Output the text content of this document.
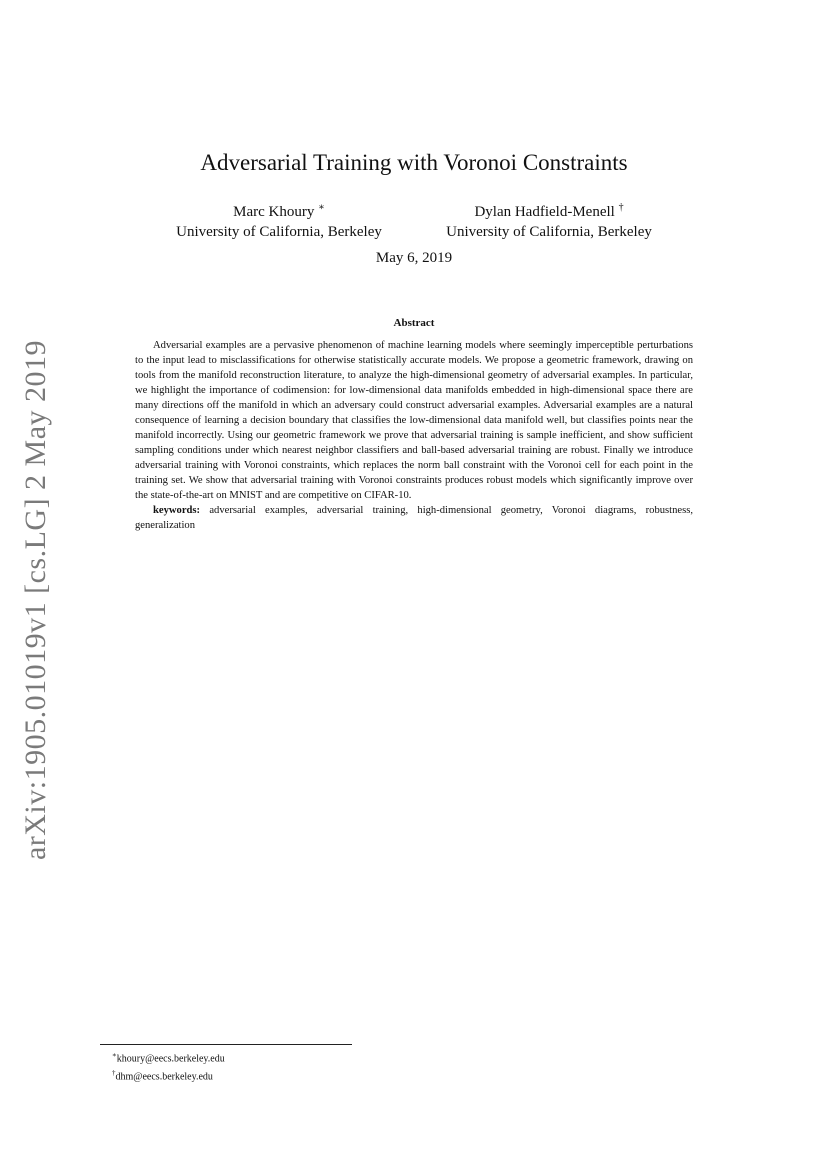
arXiv:1905.01019v1 [cs.LG] 2 May 2019
Adversarial Training with Voronoi Constraints
Marc Khoury ∗
University of California, Berkeley
Dylan Hadfield-Menell †
University of California, Berkeley
May 6, 2019
Abstract

Adversarial examples are a pervasive phenomenon of machine learning models where seemingly imperceptible perturbations to the input lead to misclassifications for otherwise statistically accurate models. We propose a geometric framework, drawing on tools from the manifold reconstruction literature, to analyze the high-dimensional geometry of adversarial examples. In particular, we highlight the importance of codimension: for low-dimensional data manifolds embedded in high-dimensional space there are many directions off the manifold in which an adversary could construct adversarial examples. Adversarial examples are a natural consequence of learning a decision boundary that classifies the low-dimensional data manifold well, but classifies points near the manifold incorrectly. Using our geometric framework we prove that adversarial training is sample inefficient, and show sufficient sampling conditions under which nearest neighbor classifiers and ball-based adversarial training are robust. Finally we introduce adversarial training with Voronoi constraints, which replaces the norm ball constraint with the Voronoi cell for each point in the training set. We show that adversarial training with Voronoi constraints produces robust models which significantly improve over the state-of-the-art on MNIST and are competitive on CIFAR-10.

keywords: adversarial examples, adversarial training, high-dimensional geometry, Voronoi diagrams, robustness, generalization

∗khoury@eecs.berkeley.edu
†dhm@eecs.berkeley.edu
